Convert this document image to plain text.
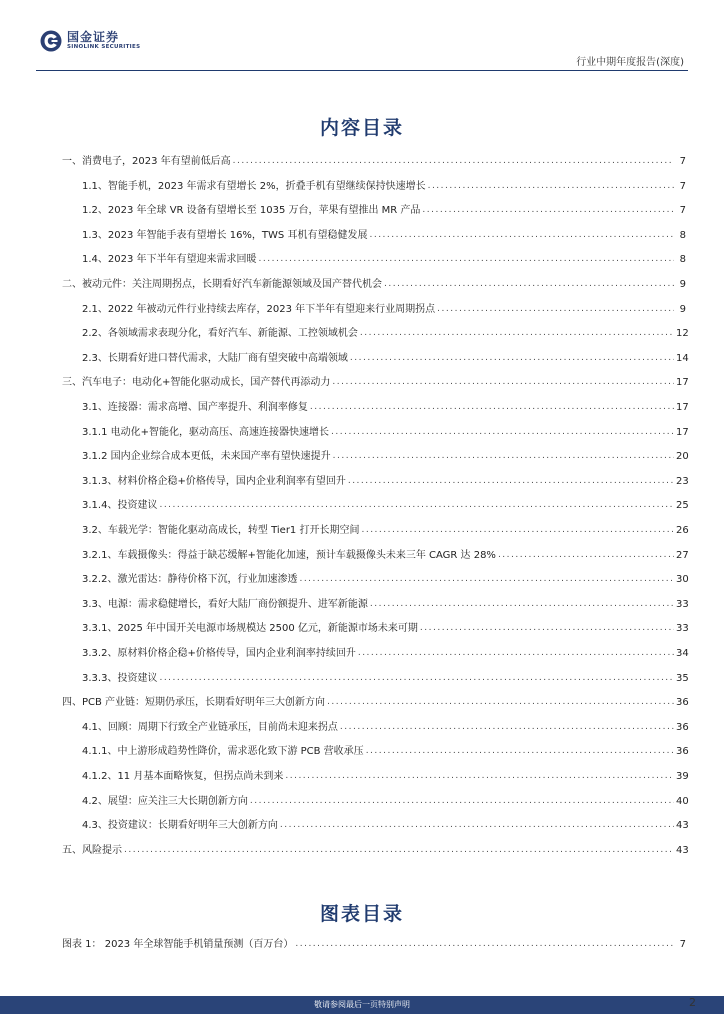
国金证券
SINOLINK SECURITIES
行业中期年度报告(深度)
内容目录
一、消费电子，2023 年有望前低后高 .....	7
1.1、智能手机，2023 年需求有望增长 2%，折叠手机有望继续保持快速增长 .....	7
1.2、2023 年全球 VR 设备有望增长至 1035 万台，苹果有望推出 MR 产品 .....	7
1.3、2023 年智能手表有望增长 16%，TWS 耳机有望稳健发展 .....	8
1.4、2023 年下半年有望迎来需求回暖 .....	8
二、被动元件：关注周期拐点，长期看好汽车新能源领域及国产替代机会 .....	9
2.1、2022 年被动元件行业持续去库存，2023 年下半年有望迎来行业周期拐点 .....	9
2.2、各领域需求表现分化，看好汽车、新能源、工控领域机会 .....	12
2.3、长期看好进口替代需求，大陆厂商有望突破中高端领域 .....	14
三、汽车电子：电动化+智能化驱动成长，国产替代再添动力 .....	17
3.1、连接器：需求高增、国产率提升、利润率修复 .....	17
3.1.1 电动化+智能化，驱动高压、高速连接器快速增长 .....	17
3.1.2 国内企业综合成本更低，未来国产率有望快速提升 .....	20
3.1.3、材料价格企稳+价格传导，国内企业利润率有望回升 .....	23
3.1.4、投资建议 .....	25
3.2、车载光学：智能化驱动高成长，转型 Tier1 打开长期空间 .....	26
3.2.1、车载摄像头：得益于缺芯缓解+智能化加速，预计车载摄像头未来三年 CAGR 达 28% .....	27
3.2.2、激光雷达：静待价格下沉，行业加速渗透 .....	30
3.3、电源：需求稳健增长，看好大陆厂商份额提升、进军新能源 .....	33
3.3.1、2025 年中国开关电源市场规模达 2500 亿元，新能源市场未来可期 .....	33
3.3.2、原材料价格企稳+价格传导，国内企业利润率持续回升 .....	34
3.3.3、投资建议 .....	35
四、PCB 产业链：短期仍承压，长期看好明年三大创新方向 .....	36
4.1、回顾：周期下行致全产业链承压，目前尚未迎来拐点 .....	36
4.1.1、中上游形成趋势性降价，需求恶化致下游 PCB 营收承压 .....	36
4.1.2、11 月基本面略恢复，但拐点尚未到来 .....	39
4.2、展望：应关注三大长期创新方向 .....	40
4.3、投资建议：长期看好明年三大创新方向 .....	43
五、风险提示 .....	43
图表目录
图表 1： 2023 年全球智能手机销量预测（百万台） .....	7
敬请参阅最后一页特别声明	2
